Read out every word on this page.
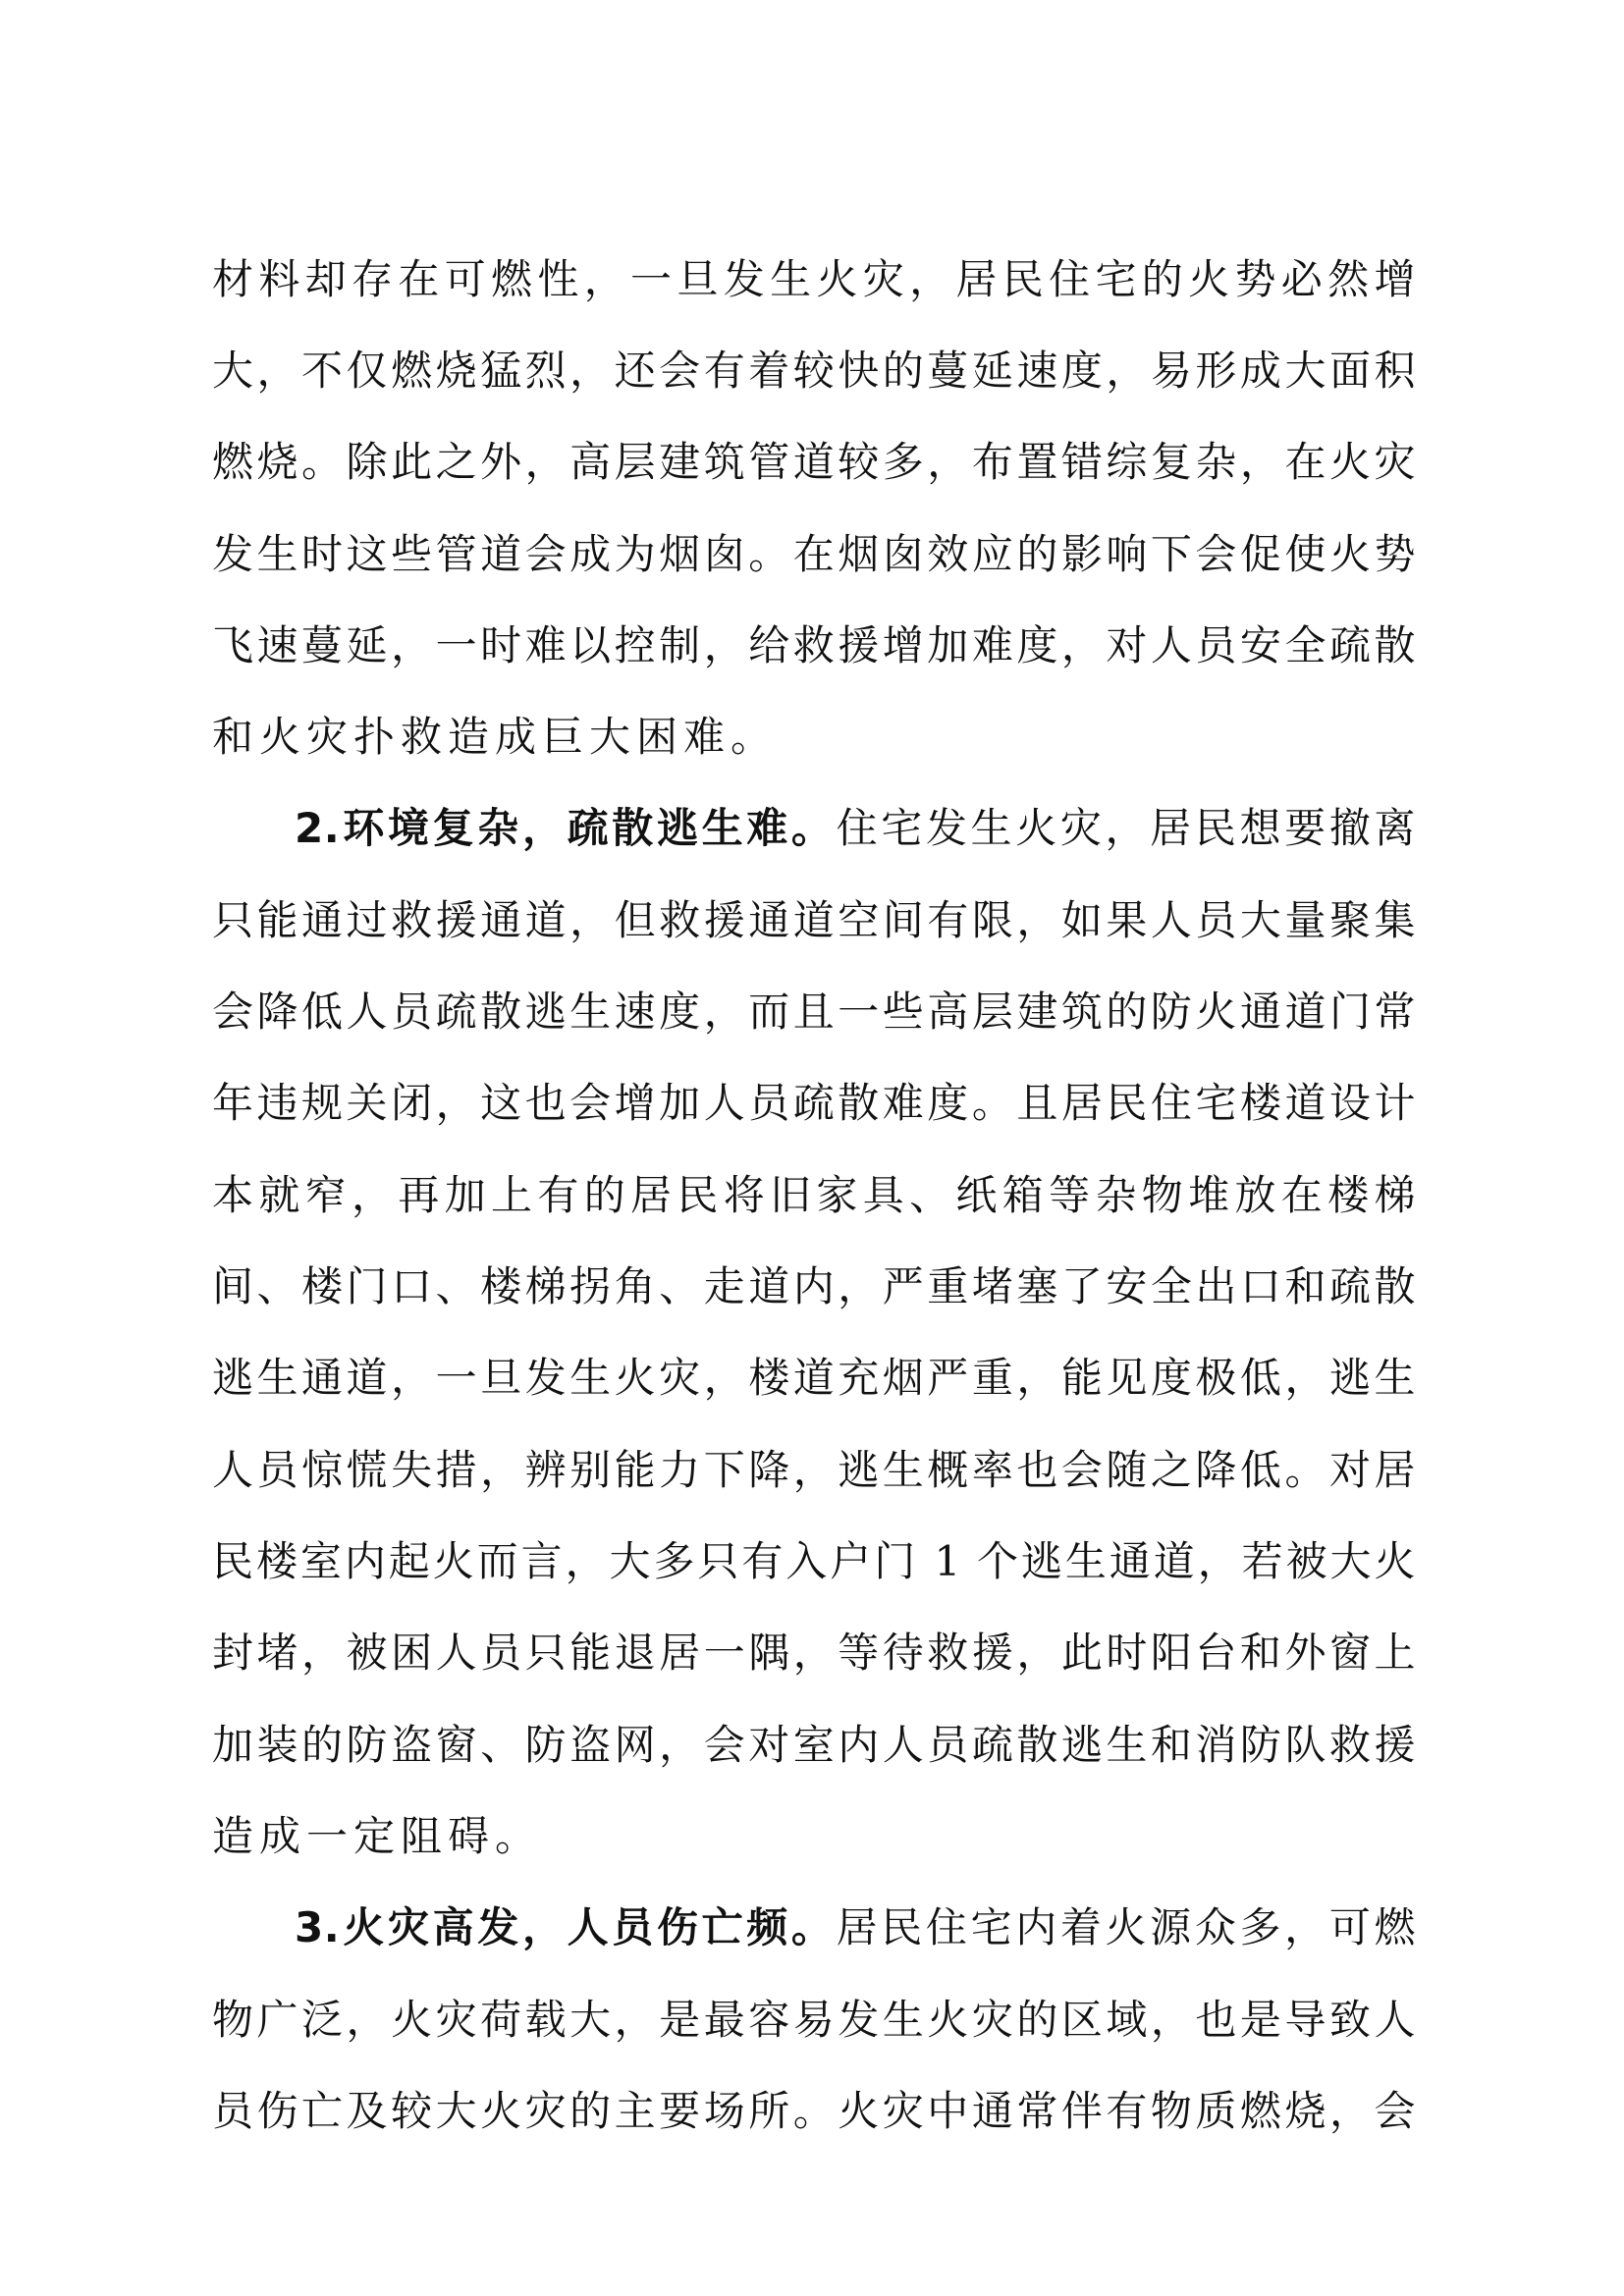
材料却存在可燃性，一旦发生火灾，居民住宅的火势必然增
大，不仅燃烧猛烈，还会有着较快的蔓延速度，易形成大面积
燃烧。除此之外，高层建筑管道较多，布置错综复杂，在火灾
发生时这些管道会成为烟囱。在烟囱效应的影响下会促使火势
飞速蔓延，一时难以控制，给救援增加难度，对人员安全疏散
和火灾扑救造成巨大困难。
2.环境复杂，疏散逃生难。住宅发生火灾，居民想要撤离
只能通过救援通道，但救援通道空间有限，如果人员大量聚集
会降低人员疏散逃生速度，而且一些高层建筑的防火通道门常
年违规关闭，这也会增加人员疏散难度。且居民住宅楼道设计
本就窄，再加上有的居民将旧家具、纸箱等杂物堆放在楼梯
间、楼门口、楼梯拐角、走道内，严重堵塞了安全出口和疏散
逃生通道，一旦发生火灾，楼道充烟严重，能见度极低，逃生
人员惊慌失措，辨别能力下降，逃生概率也会随之降低。对居
民楼室内起火而言，大多只有入户门 1 个逃生通道，若被大火
封堵，被困人员只能退居一隅，等待救援，此时阳台和外窗上
加装的防盗窗、防盗网，会对室内人员疏散逃生和消防队救援
造成一定阻碍。
3.火灾高发，人员伤亡频。居民住宅内着火源众多，可燃
物广泛，火灾荷载大，是最容易发生火灾的区域，也是导致人
员伤亡及较大火灾的主要场所。火灾中通常伴有物质燃烧，会
